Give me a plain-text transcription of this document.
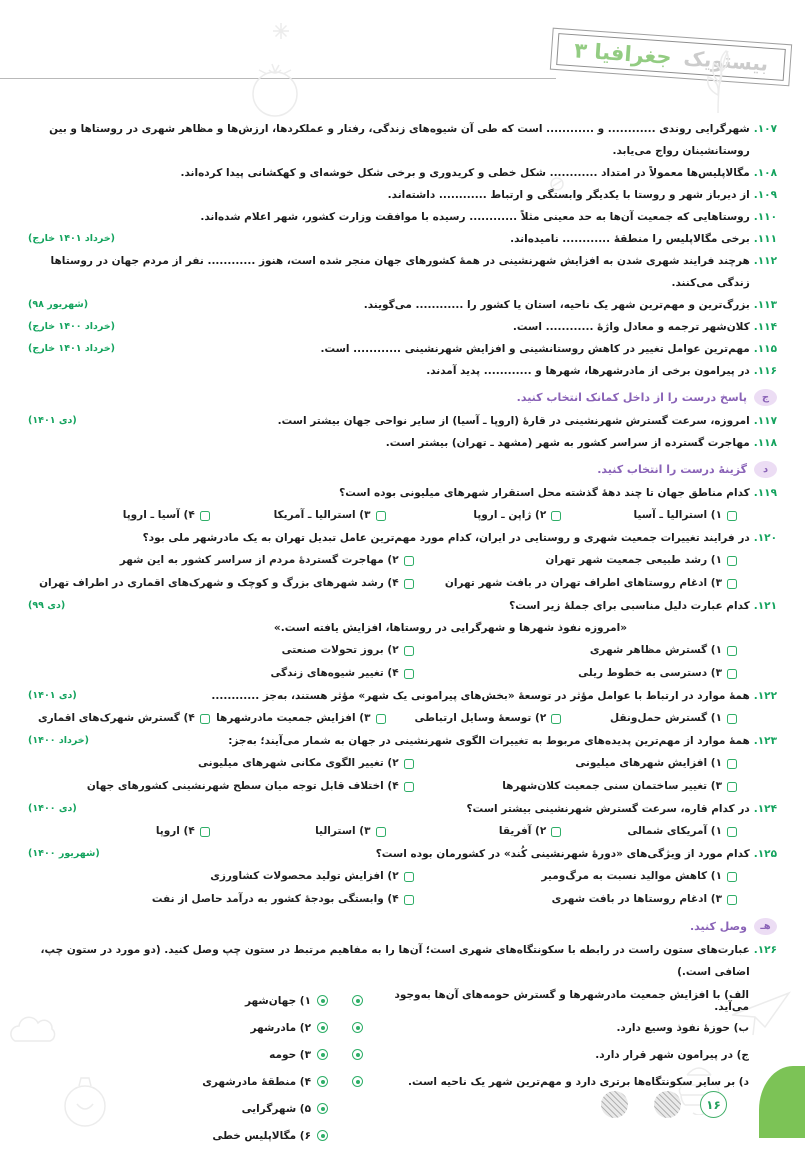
بیستویک
جغرافیا ۳
۱۰۷.
شهرگرایی روندی ............ و ............ است که طی آن شیوه‌های زندگی، رفتار و عملکردها، ارزش‌ها و مظاهر شهری در روستاها و بین روستانشینان رواج می‌یابد.
۱۰۸.
مگالاپلیس‌ها معمولاً در امتداد ............ شکل خطی و کریدوری و برخی شکل خوشه‌ای و کهکشانی پیدا کرده‌اند.
۱۰۹.
از دیرباز شهر و روستا با یکدیگر وابستگی و ارتباط ............ داشته‌اند.
۱۱۰.
روستاهایی که جمعیت آن‌ها به حد معینی مثلاً ............ رسیده با موافقت وزارت کشور، شهر اعلام شده‌اند.
۱۱۱.
برخی مگالاپلیس را منطقهٔ ............ نامیده‌اند.
(خرداد ۱۴۰۱ خارج)
۱۱۲.
هرچند فرایند شهری شدن به افزایش شهرنشینی در همهٔ کشورهای جهان منجر شده است، هنوز ............ نفر از مردم جهان در روستاها زندگی می‌کنند.
۱۱۳.
بزرگ‌ترین و مهم‌ترین شهر یک ناحیه، استان یا کشور را ............ می‌گویند.
(شهریور ۹۸)
۱۱۴.
کلان‌شهر ترجمه و معادل واژهٔ ............ است.
(خرداد ۱۴۰۰ خارج)
۱۱۵.
مهم‌ترین عوامل تغییر در کاهش روستانشینی و افزایش شهرنشینی ............ است.
(خرداد ۱۴۰۱ خارج)
۱۱۶.
در پیرامون برخی از مادرشهرها، شهرها و ............ پدید آمدند.
ج
پاسخ درست را از داخل کمانک انتخاب کنید.
۱۱۷.
امروزه، سرعت گسترش شهرنشینی در قارهٔ (اروپا ـ آسیا) از سایر نواحی جهان بیشتر است.
(دی ۱۴۰۱)
۱۱۸.
مهاجرت گسترده از سراسر کشور به شهر (مشهد ـ تهران) بیشتر است.
د
گزینهٔ درست را انتخاب کنید.
۱۱۹.
کدام مناطق جهان تا چند دهۀ گذشته محل استقرار شهرهای میلیونی بوده است؟
۱) استرالیا ـ آسیا
۲) ژاپن ـ اروپا
۳) استرالیا ـ آمریکا
۴) آسیا ـ اروپا
۱۲۰.
در فرایند تغییرات جمعیت شهری و روستایی در ایران، کدام مورد مهم‌ترین عامل تبدیل تهران به یک مادرشهر ملی بود؟
۱) رشد طبیعی جمعیت شهر تهران
۲) مهاجرت گستردهٔ مردم از سراسر کشور به این شهر
۳) ادغام روستاهای اطراف تهران در بافت شهر تهران
۴) رشد شهرهای بزرگ و کوچک و شهرک‌های اقماری در اطراف تهران
۱۲۱.
کدام عبارت دلیل مناسبی برای جملهٔ زیر است؟
(دی ۹۹)
«امروزه نفوذ شهرها و شهرگرایی در روستاها، افزایش یافته است.»
۱) گسترش مظاهر شهری
۲) بروز تحولات صنعتی
۳) دسترسی به خطوط ریلی
۴) تغییر شیوه‌های زندگی
۱۲۲.
همهٔ موارد در ارتباط با عوامل مؤثر در توسعهٔ «بخش‌های پیرامونی یک شهر» مؤثر هستند، به‌جز ............
(دی ۱۴۰۱)
۱) گسترش حمل‌ونقل
۲) توسعهٔ وسایل ارتباطی
۳) افزایش جمعیت مادرشهرها
۴) گسترش شهرک‌های اقماری
۱۲۳.
همهٔ موارد از مهم‌ترین پدیده‌های مربوط به تغییرات الگوی شهرنشینی در جهان به شمار می‌آیند؛ به‌جز:
(خرداد ۱۴۰۰)
۱) افزایش شهرهای میلیونی
۲) تغییر الگوی مکانی شهرهای میلیونی
۳) تغییر ساختمان سنی جمعیت کلان‌شهرها
۴) اختلاف قابل توجه میان سطح شهرنشینی کشورهای جهان
۱۲۴.
در کدام قاره، سرعت گسترش شهرنشینی بیشتر است؟
(دی ۱۴۰۰)
۱) آمریکای شمالی
۲) آفریقا
۳) استرالیا
۴) اروپا
۱۲۵.
کدام مورد از ویژگی‌های «دورهٔ شهرنشینی کُند» در کشورمان بوده است؟
(شهریور ۱۴۰۰)
۱) کاهش موالید نسبت به مرگ‌ومیر
۲) افزایش تولید محصولات کشاورزی
۳) ادغام روستاها در بافت شهری
۴) وابستگی بودجهٔ کشور به درآمد حاصل از نفت
هـ
وصل کنید.
۱۲۶.
عبارت‌های ستون راست در رابطه با سکونتگاه‌های شهری است؛ آن‌ها را به مفاهیم مرتبط در ستون چپ وصل کنید. (دو مورد در ستون چپ، اضافی است.)
الف) با افزایش جمعیت مادرشهرها و گسترش حومه‌های آن‌ها به‌وجود می‌آید.
ب) حوزهٔ نفوذ وسیع دارد.
ج) در پیرامون شهر قرار دارد.
د) بر سایر سکونتگاه‌ها برتری دارد و مهم‌ترین شهر یک ناحیه است.
۱) جهان‌شهر
۲) مادرشهر
۳) حومه
۴) منطقهٔ مادرشهری
۵) شهرگرایی
۶) مگالاپلیس خطی
۱۶
